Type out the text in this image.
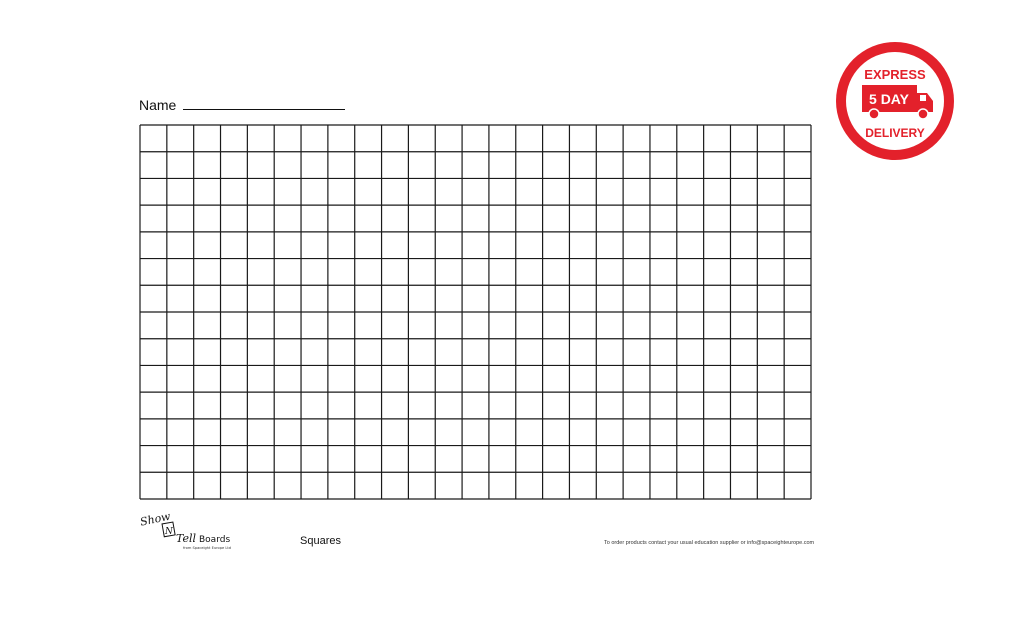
Name
EXPRESS
5 DAY
DELIVERY
Show
N Tell Boards
from Spaceight Europe Ltd
Squares	To order products contact your usual education supplier or info@spaceighteurope.com
